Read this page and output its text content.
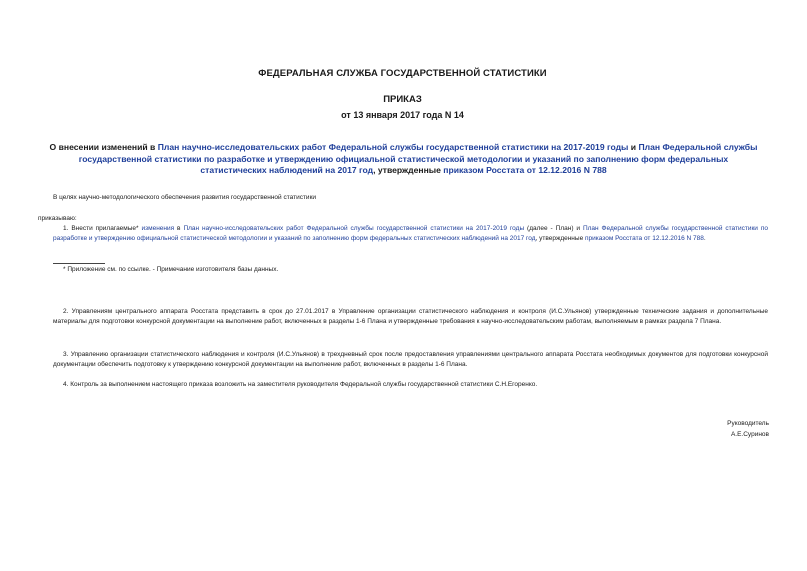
ФЕДЕРАЛЬНАЯ СЛУЖБА ГОСУДАРСТВЕННОЙ СТАТИСТИКИ
ПРИКАЗ
от 13 января 2017 года N 14
О внесении изменений в План научно-исследовательских работ Федеральной службы государственной статистики на 2017-2019 годы и План Федеральной службы государственной статистики по разработке и утверждению официальной статистической методологии и указаний по заполнению форм федеральных статистических наблюдений на 2017 год, утвержденные приказом Росстата от 12.12.2016 N 788
В целях научно-методологического обеспечения развития государственной статистики
приказываю:
1. Внести прилагаемые* изменения в План научно-исследовательских работ Федеральной службы государственной статистики на 2017-2019 годы (далее - План) и План Федеральной службы государственной статистики по разработке и утверждению официальной статистической методологии и указаний по заполнению форм федеральных статистических наблюдений на 2017 год, утвержденные приказом Росстата от 12.12.2016 N 788.
* Приложение см. по ссылке. - Примечание изготовителя базы данных.
2. Управлениям центрального аппарата Росстата представить в срок до 27.01.2017 в Управление организации статистического наблюдения и контроля (И.С.Ульянов) утвержденные технические задания и дополнительные материалы для подготовки конкурсной документации на выполнение работ, включенных в разделы 1-6 Плана и утвержденные требования к научно-исследовательским работам, выполняемым в рамках раздела 7 Плана.
3. Управлению организации статистического наблюдения и контроля (И.С.Ульянов) в трехдневный срок после предоставления управлениями центрального аппарата Росстата необходимых документов для подготовки конкурсной документации обеспечить подготовку к утверждению конкурсной документации на выполнение работ, включенных в разделы 1-6 Плана.
4. Контроль за выполнением настоящего приказа возложить на заместителя руководителя Федеральной службы государственной статистики С.Н.Егоренко.
Руководитель
А.Е.Суринов
